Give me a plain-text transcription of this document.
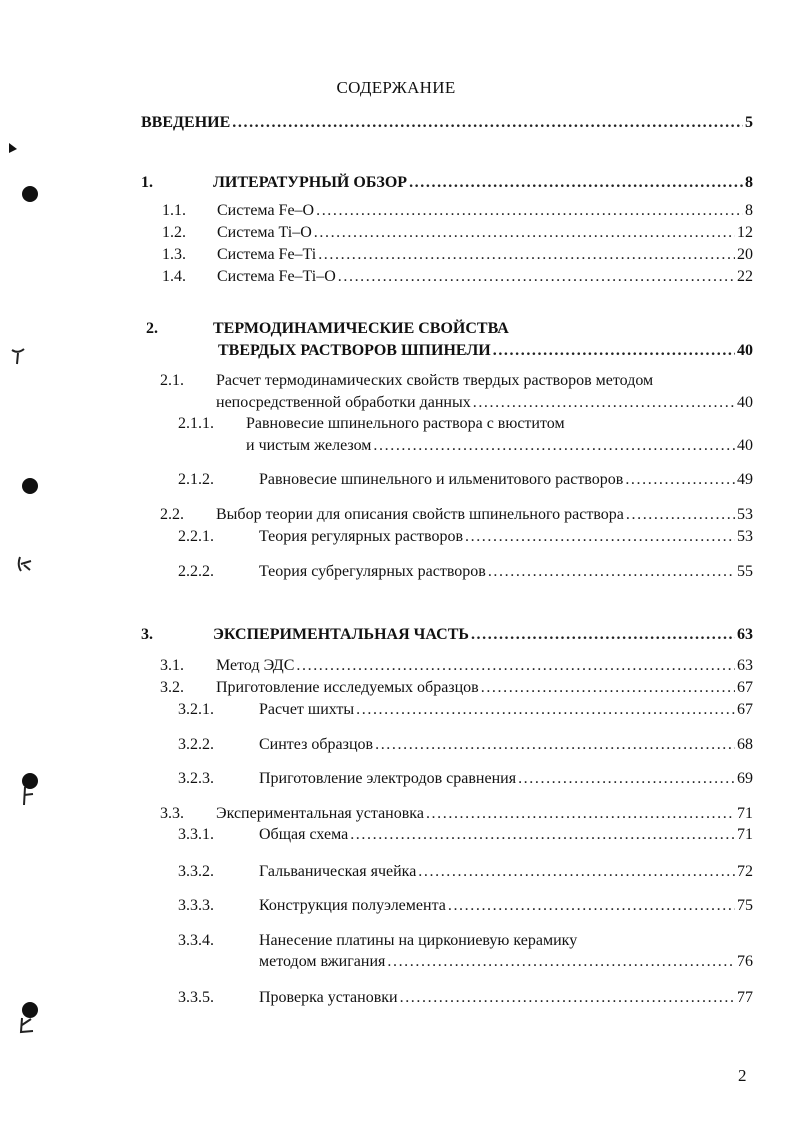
СОДЕРЖАНИЕ
ВВЕДЕНИЕ . . .	5
1.	ЛИТЕРАТУРНЫЙ ОБЗОР . . .	8
1.1. Система Fe–O . . .	8
1.2. Система Ti–O . . .	12
1.3. Система Fe–Ti . . .	20
1.4. Система Fe–Ti–O . . .	22
2.	ТЕРМОДИНАМИЧЕСКИЕ СВОЙСТВА
ТВЕРДЫХ РАСТВОРОВ ШПИНЕЛИ . . .	40
2.1. Расчет термодинамических свойств твердых растворов методом
непосредственной обработки данных . . .	40
2.1.1. Равновесие шпинельного раствора с вюститом
и чистым железом . . .	40
2.1.2.	Равновесие шпинельного и ильменитового растворов . . .	49
2.2. Выбор теории для описания свойств шпинельного раствора . . .	53
2.2.1.	Теория регулярных растворов . . .	53
2.2.2.	Теория субрегулярных растворов . . .	55
3.	ЭКСПЕРИМЕНТАЛЬНАЯ ЧАСТЬ . . .	63
3.1. Метод ЭДС . . .	63
3.2. Приготовление исследуемых образцов . . .	67
3.2.1.	Расчет шихты . . .	67
3.2.2.	Синтез образцов . . .	68
3.2.3.	Приготовление электродов сравнения . . .	69
3.3. Экспериментальная установка . . .	71
3.3.1.	Общая схема . . .	71
3.3.2.	Гальваническая ячейка . . .	72
3.3.3.	Конструкция полуэлемента . . .	75
3.3.4.	Нанесение платины на циркониевую керамику
методом вжигания . . .	76
3.3.5.	Проверка установки . . .	77
2
